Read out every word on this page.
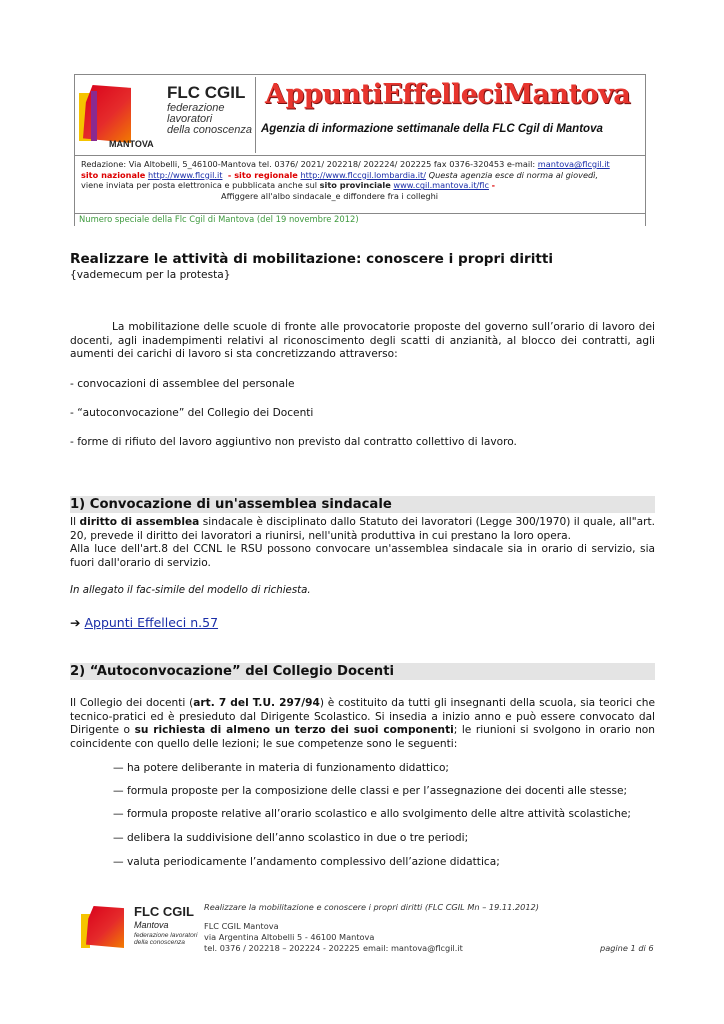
FLC CGIL
federazione
lavoratori
della conoscenza
MANTOVA
AppuntiEffelleciMantova
Agenzia di informazione settimanale della FLC Cgil di Mantova
Redazione: Via Altobelli, 5_46100-Mantova tel. 0376/ 2021/ 202218/ 202224/ 202225 fax 0376-320453 e-mail: mantova@flcgil.it
sito nazionale http://www.flcgil.it  - sito regionale http://www.flccgil.lombardia.it/ Questa agenzia esce di norma al giovedì,
viene inviata per posta elettronica e pubblicata anche sul sito provinciale www.cgil.mantova.it/flc -
Affiggere all'albo sindacale_e diffondere fra i colleghi
Numero speciale della Flc Cgil di Mantova (del 19 novembre 2012)
Realizzare le attività di mobilitazione: conoscere i propri diritti
{vademecum per la protesta}
La mobilitazione delle scuole di fronte alle provocatorie proposte del governo sull’orario di lavoro dei docenti, agli inadempimenti relativi al riconoscimento degli scatti di anzianità, al blocco dei contratti, agli aumenti dei carichi di lavoro si sta concretizzando attraverso:
- convocazioni di assemblee del personale
- “autoconvocazione” del Collegio dei Docenti
- forme di rifiuto del lavoro aggiuntivo non previsto dal contratto collettivo di lavoro.
1) Convocazione di un'assemblea sindacale
Il diritto di assemblea sindacale è disciplinato dallo Statuto dei lavoratori (Legge 300/1970) il quale, all"art. 20, prevede il diritto dei lavoratori a riunirsi, nell'unità produttiva in cui prestano la loro opera.
Alla luce dell'art.8 del CCNL le RSU possono convocare un'assemblea sindacale sia in orario di servizio, sia fuori dall'orario di servizio.
In allegato il fac-simile del modello di richiesta.
➔ Appunti Effelleci n.57
2) “Autoconvocazione” del Collegio Docenti
Il Collegio dei docenti (art. 7 del T.U. 297/94) è costituito da tutti gli insegnanti della scuola, sia teorici che tecnico-pratici ed è presieduto dal Dirigente Scolastico. Si insedia a inizio anno e può essere convocato dal Dirigente o su richiesta di almeno un terzo dei suoi componenti; le riunioni si svolgono in orario non coincidente con quello delle lezioni; le sue competenze sono le seguenti:
— ha potere deliberante in materia di funzionamento didattico;
— formula proposte per la composizione delle classi e per l’assegnazione dei docenti alle stesse;
— formula proposte relative all’orario scolastico e allo svolgimento delle altre attività scolastiche;
— delibera la suddivisione dell’anno scolastico in due o tre periodi;
— valuta periodicamente l’andamento complessivo dell’azione didattica;
FLC CGIL
Mantova
federazione lavoratori
della conoscenza
Realizzare la mobilitazione e conoscere i propri diritti (FLC CGIL Mn – 19.11.2012)
FLC CGIL Mantova
via Argentina Altobelli 5 - 46100 Mantova
tel. 0376 / 202218 – 202224 - 202225 email: mantova@flcgil.it	pagine 1 di 6
